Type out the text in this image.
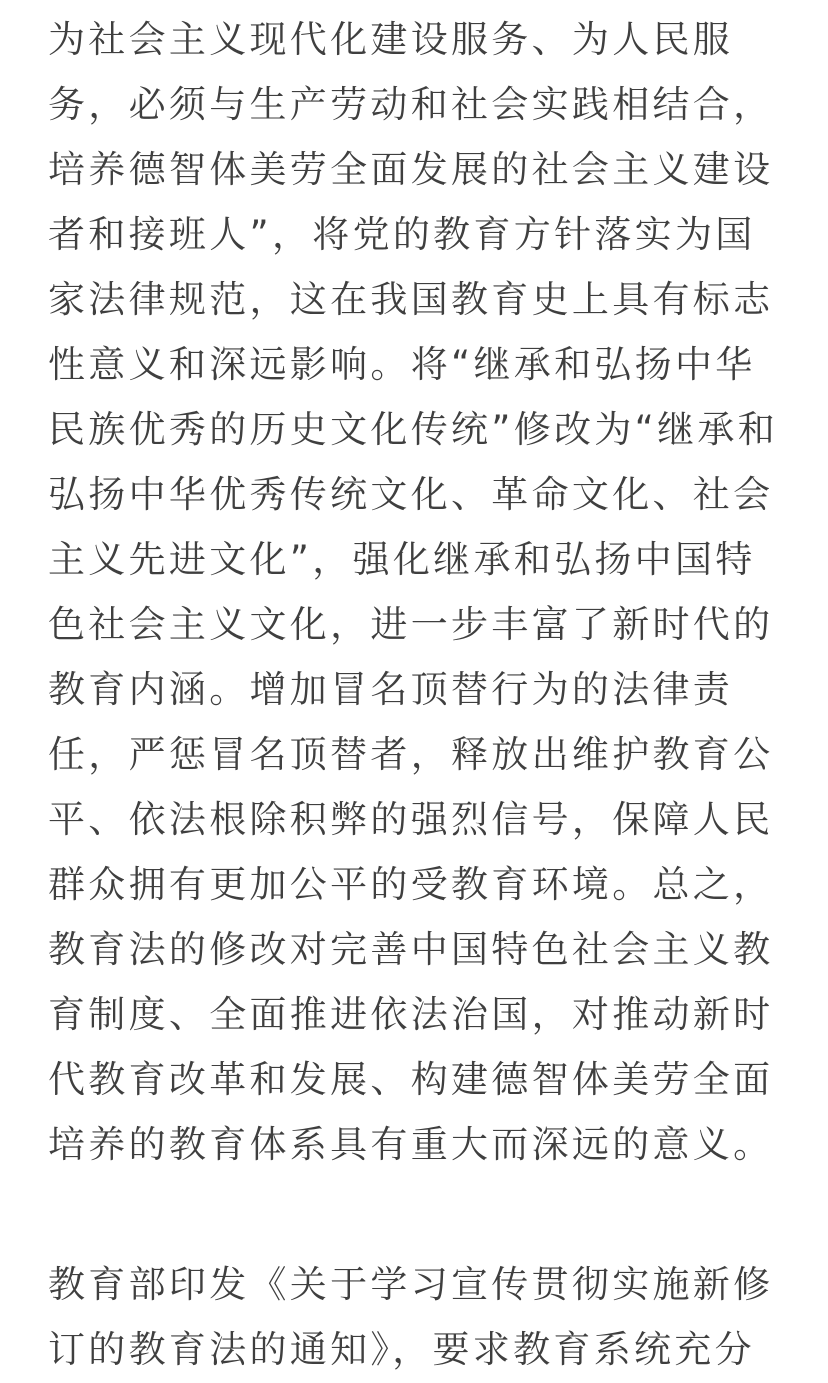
为社会主义现代化建设服务、为人民服
务，必须与生产劳动和社会实践相结合，
培养德智体美劳全面发展的社会主义建设
者和接班人”，将党的教育方针落实为国
家法律规范，这在我国教育史上具有标志
性意义和深远影响。将“继承和弘扬中华
民族优秀的历史文化传统”修改为“继承和
弘扬中华优秀传统文化、革命文化、社会
主义先进文化”，强化继承和弘扬中国特
色社会主义文化，进一步丰富了新时代的
教育内涵。增加冒名顶替行为的法律责
任，严惩冒名顶替者，释放出维护教育公
平、依法根除积弊的强烈信号，保障人民
群众拥有更加公平的受教育环境。总之，
教育法的修改对完善中国特色社会主义教
育制度、全面推进依法治国，对推动新时
代教育改革和发展、构建德智体美劳全面
培养的教育体系具有重大而深远的意义。
教育部印发《关于学习宣传贯彻实施新修
订的教育法的通知》，要求教育系统充分
